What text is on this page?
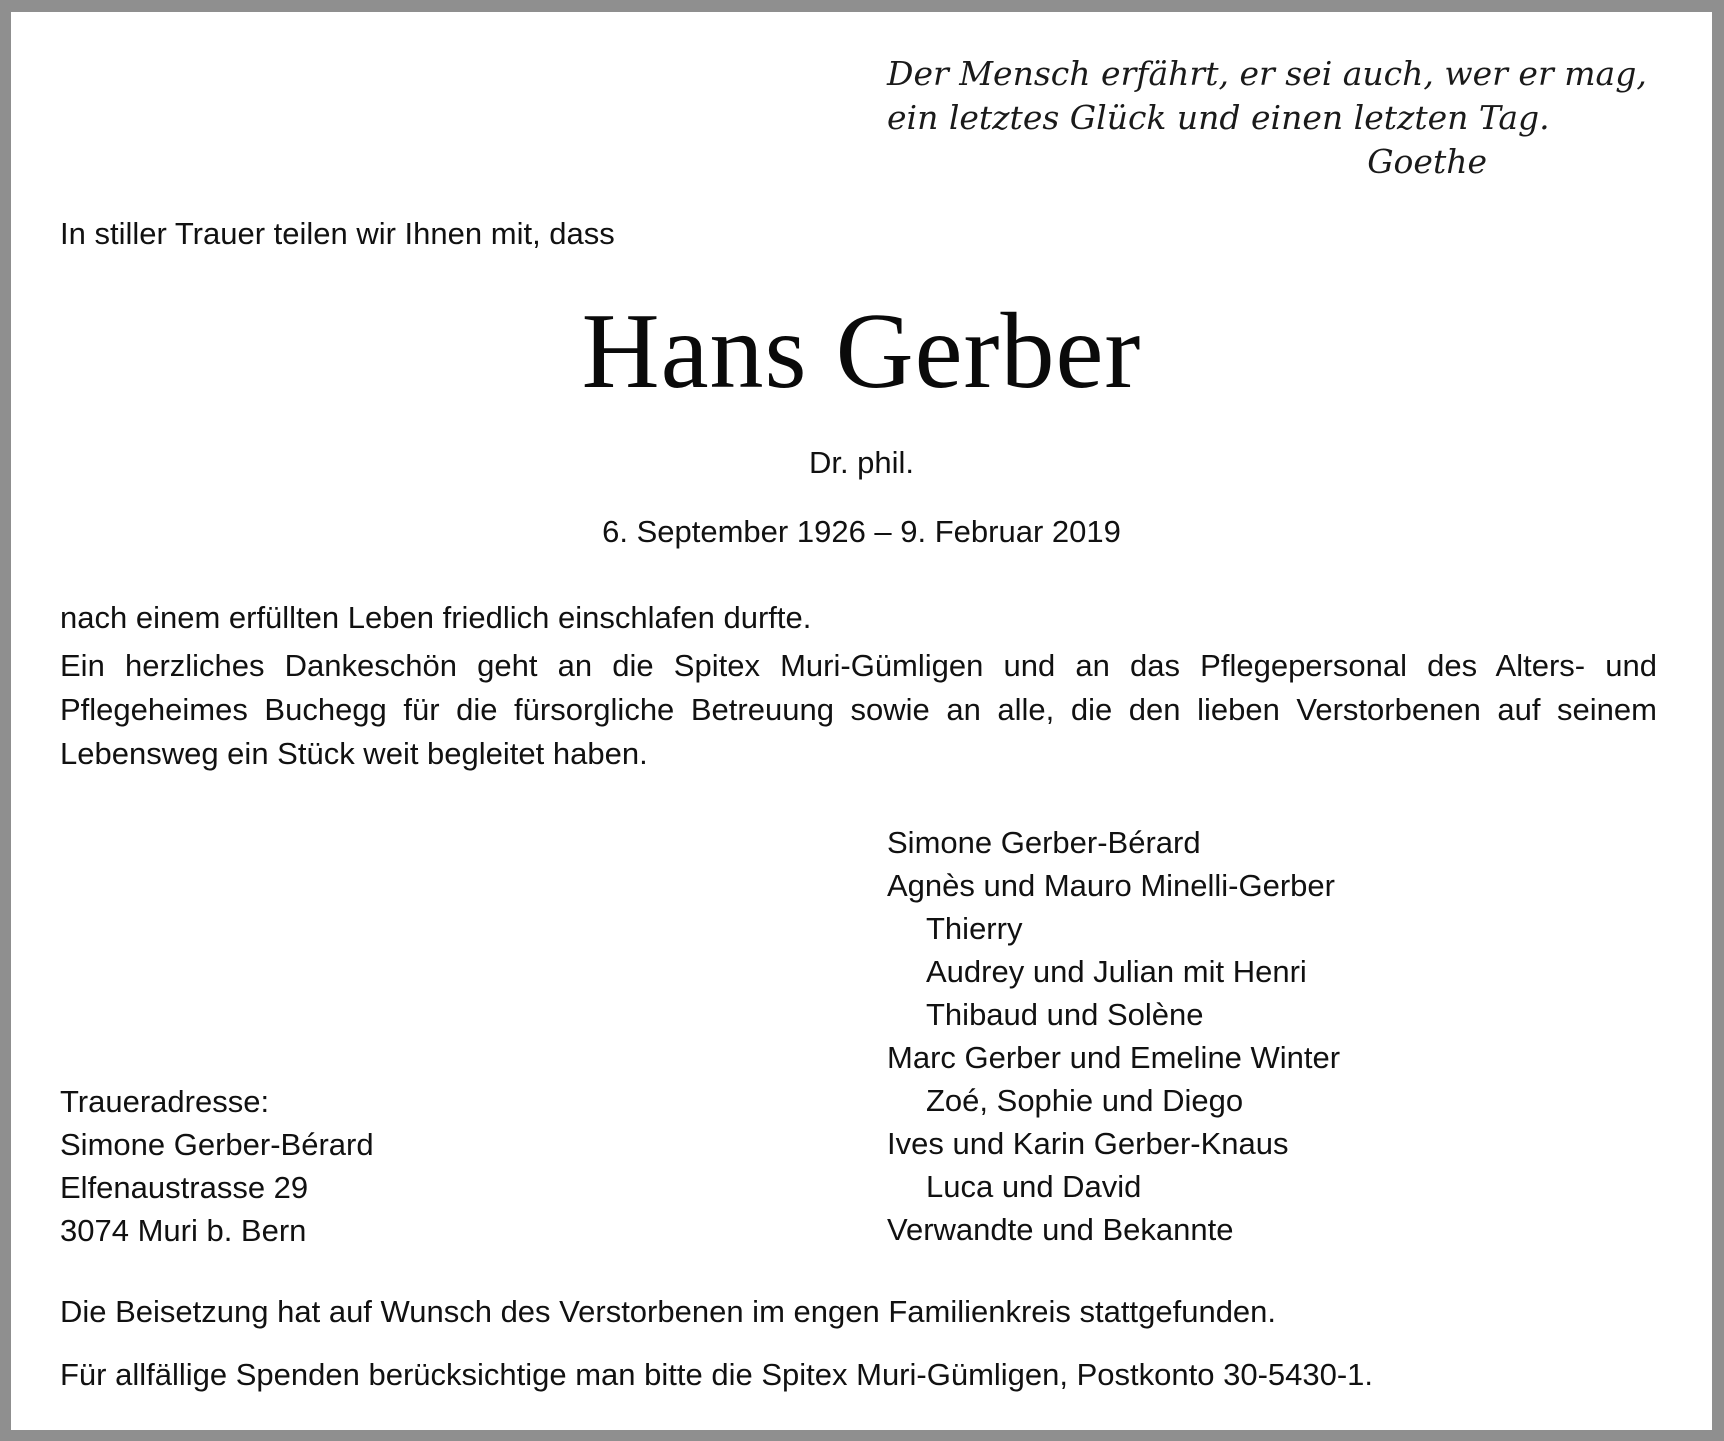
Der Mensch erfährt, er sei auch, wer er mag,
ein letztes Glück und einen letzten Tag.
Goethe
In stiller Trauer teilen wir Ihnen mit, dass
Hans Gerber
Dr. phil.
6. September 1926 – 9. Februar 2019
nach einem erfüllten Leben friedlich einschlafen durfte.
Ein herzliches Dankeschön geht an die Spitex Muri-Gümligen und an das Pflegepersonal des Alters- und Pflegeheimes Buchegg für die fürsorgliche Betreuung sowie an alle, die den lieben Verstorbenen auf seinem Lebensweg ein Stück weit begleitet haben.
Simone Gerber-Bérard
Agnès und Mauro Minelli-Gerber
Thierry
Audrey und Julian mit Henri
Thibaud und Solène
Marc Gerber und Emeline Winter
Zoé, Sophie und Diego
Ives und Karin Gerber-Knaus
Luca und David
Verwandte und Bekannte
Traueradresse:
Simone Gerber-Bérard
Elfenaustrasse 29
3074 Muri b. Bern
Die Beisetzung hat auf Wunsch des Verstorbenen im engen Familienkreis stattgefunden.
Für allfällige Spenden berücksichtige man bitte die Spitex Muri-Gümligen, Postkonto 30-5430-1.
